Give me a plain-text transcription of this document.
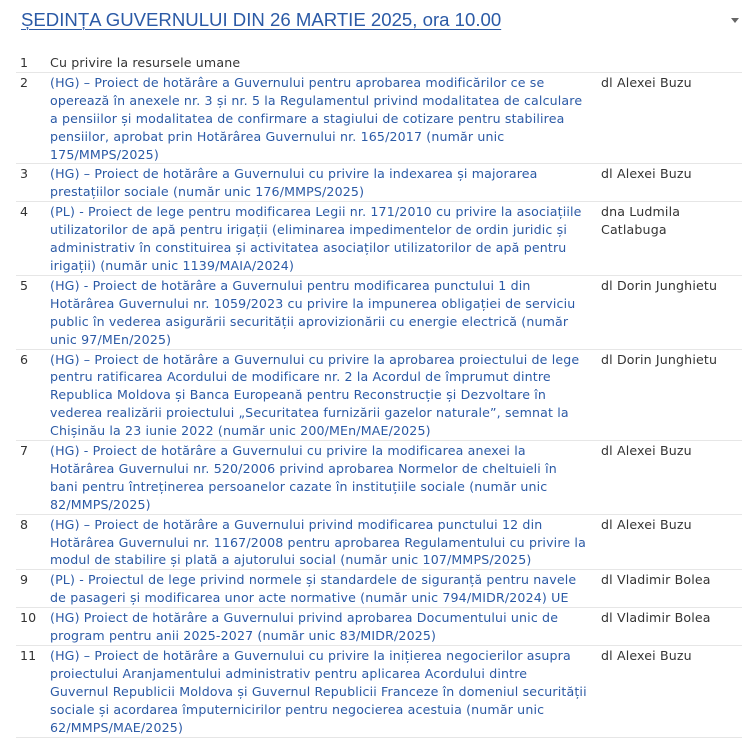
ȘEDINȚA GUVERNULUI DIN 26 MARTIE 2025, ora 10.00
1	Cu privire la resursele umane	
2	(HG) – Proiect de hotărâre a Guvernului pentru aprobarea modificărilor ce se operează în anexele nr. 3 și nr. 5 la Regulamentul privind modalitatea de calculare a pensiilor și modalitatea de confirmare a stagiului de cotizare pentru stabilirea pensiilor, aprobat prin Hotărârea Guvernului nr. 165/2017 (număr unic 175/MMPS/2025)	dl Alexei Buzu
3	(HG) – Proiect de hotărâre a Guvernului cu privire la indexarea și majorarea prestațiilor sociale (număr unic 176/MMPS/2025)	dl Alexei Buzu
4	(PL) - Proiect de lege pentru modificarea Legii nr. 171/2010 cu privire la asociațiile utilizatorilor de apă pentru irigații (eliminarea impedimentelor de ordin juridic și administrativ în constituirea și activitatea asociaților utilizatorilor de apă pentru irigații) (număr unic 1139/MAIA/2024)	dna Ludmila Catlabuga
5	(HG) - Proiect de hotărâre a Guvernului pentru modificarea punctului 1 din Hotărârea Guvernului nr. 1059/2023 cu privire la impunerea obligației de serviciu public în vederea asigurării securității aprovizionării cu energie electrică (număr unic 97/MEn/2025)	dl Dorin Junghietu
6	(HG) – Proiect de hotărâre a Guvernului cu privire la aprobarea proiectului de lege pentru ratificarea Acordului de modificare nr. 2 la Acordul de împrumut dintre Republica Moldova și Banca Europeană pentru Reconstrucție și Dezvoltare în vederea realizării proiectului „Securitatea furnizării gazelor naturale”, semnat la Chișinău la 23 iunie 2022 (număr unic 200/MEn/MAE/2025)	dl Dorin Junghietu
7	(HG) - Proiect de hotărâre a Guvernului cu privire la modificarea anexei la Hotărârea Guvernului nr. 520/2006 privind aprobarea Normelor de cheltuieli în bani pentru întreținerea persoanelor cazate în instituțiile sociale (număr unic 82/MMPS/2025)	dl Alexei Buzu
8	(HG) – Proiect de hotărâre a Guvernului privind modificarea punctului 12 din Hotărârea Guvernului nr. 1167/2008 pentru aprobarea Regulamentului cu privire la modul de stabilire și plată a ajutorului social (număr unic 107/MMPS/2025)	dl Alexei Buzu
9	(PL) - Proiectul de lege privind normele și standardele de siguranță pentru navele de pasageri și modificarea unor acte normative (număr unic 794/MIDR/2024) UE	dl Vladimir Bolea
10	(HG) Proiect de hotărâre a Guvernului privind aprobarea Documentului unic de program pentru anii 2025-2027 (număr unic 83/MIDR/2025)	dl Vladimir Bolea
11	(HG) – Proiect de hotărâre a Guvernului cu privire la inițierea negocierilor asupra proiectului Aranjamentului administrativ pentru aplicarea Acordului dintre Guvernul Republicii Moldova și Guvernul Republicii Franceze în domeniul securității sociale și acordarea împuternicirilor pentru negocierea acestuia (număr unic 62/MMPS/MAE/2025)	dl Alexei Buzu
